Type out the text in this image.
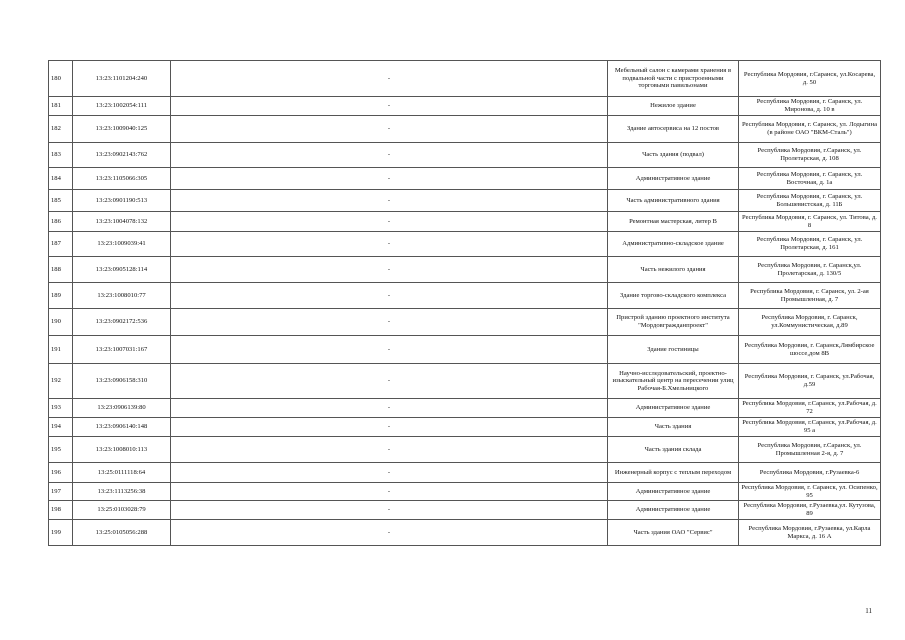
180	13:23:1101204:240	-	Мебельный салон с камерами хранения в подвальной части с пристроенными торговыми павильонами	Республика Мордовия, г.Саранск, ул.Косарева, д. 50
181	13:23:1002054:111	-	Нежилое здание	Республика Мордовия, г. Саранск, ул. Миронова, д. 10 в
182	13:23:1009040:125	-	Здание автосервиса на 12 постов	Республика Мордовия, г. Саранск, ул. Лодыгина (в районе ОАО "ВКМ-Сталь")
183	13:23:0902143:762	-	Часть здания (подвал)	Республика Мордовия, г.Саранск, ул. Пролетарская, д. 108
184	13:23:1105066:305	-	Административное здание	Республика Мордовия, г. Саранск, ул. Восточная, д. 1а
185	13:23:0901190:513	-	Часть административного здания	Республика Мордовия, г. Саранск, ул. Большевистская, д. 11Б
186	13:23:1004078:132	-	Ремонтная мастерская, литер В	Республика Мордовия, г. Саранск, ул. Титова, д. 8
187	13:23:1009039:41	-	Административно-складское здание	Республика Мордовия, г. Саранск, ул. Пролетарская, д. 161
188	13:23:0905128:114	-	Часть нежилого здания	Республика Мордовия, г. Саранск,ул. Пролетарская, д. 130/5
189	13:23:1008010:77	-	Здание торгово-складского комплекса	Республика Мордовия, г. Саранск, ул. 2-ая Промышленная, д. 7
190	13:23:0902172:536	-	Пристрой зданию проектного института "Мордовгражданпроект"	Республика Мордовия, г. Саранск, ул.Коммунистическая, д.89
191	13:23:1007031:167	-	Здание гостиницы	Республика Мордовия, г. Саранск,Лямбирское шоссе,дом 8В
192	13:23:0906158:310	-	Научно-исследовательский, проектно-изыскательный центр на пересечении улиц Рабочая-Б.Хмельницкого	Республика Мордовия, г. Саранск, ул.Рабочая, д.59
193	13:23:0906139:80	-	Административное здание	Республика Мордовия, г.Саранск, ул.Рабочая, д. 72
194	13:23:0906140:148	-	Часть здания	Республика Мордовия, г.Саранск, ул.Рабочая, д. 95 а
195	13:23:1008010:113	-	Часть здания склада	Республика Мордовия, г.Саранск, ул. Промышленная 2-я, д. 7
196	13:25:0111118:64	-	Инженерный корпус с теплым переходом	Республика Мордовия, г.Рузаевка-6
197	13:23:1113256:38	-	Административное здание	Республика Мордовия, г. Саранск, ул. Осипенко, 95
198	13:25:0103028:79	-	Административное здание	Республика Мордовия, г.Рузаевка,ул. Кутузова, 89
199	13:25:0105056:288	-	Часть здания ОАО "Сервис"	Республика Мордовия, г.Рузаевка, ул.Карла Маркса, д. 16 А
11
